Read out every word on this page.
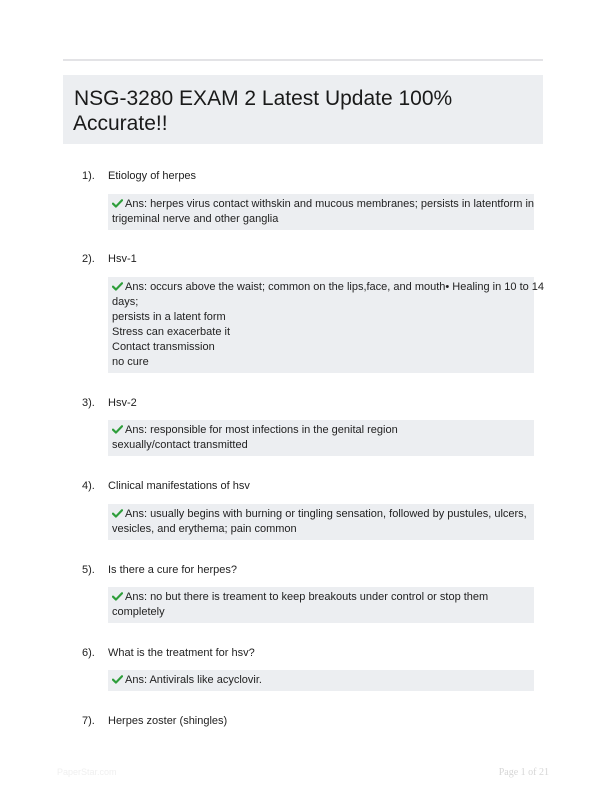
NSG-3280 EXAM 2 Latest Update 100%
Accurate!!
1). Etiology of herpes
Ans: herpes virus contact withskin and mucous membranes; persists in latentform in
trigeminal nerve and other ganglia
2). Hsv-1
Ans: occurs above the waist; common on the lips,face, and mouth• Healing in 10 to 14
days;
persists in a latent form
Stress can exacerbate it
Contact transmission
no cure
3). Hsv-2
Ans: responsible for most infections in the genital region
sexually/contact transmitted
4). Clinical manifestations of hsv
Ans: usually begins with burning or tingling sensation, followed by pustules, ulcers,
vesicles, and erythema; pain common
5). Is there a cure for herpes?
Ans: no but there is treament to keep breakouts under control or stop them
completely
6). What is the treatment for hsv?
Ans: Antivirals like acyclovir.
7). Herpes zoster (shingles)
PaperStar.com	Page 1 of 21
